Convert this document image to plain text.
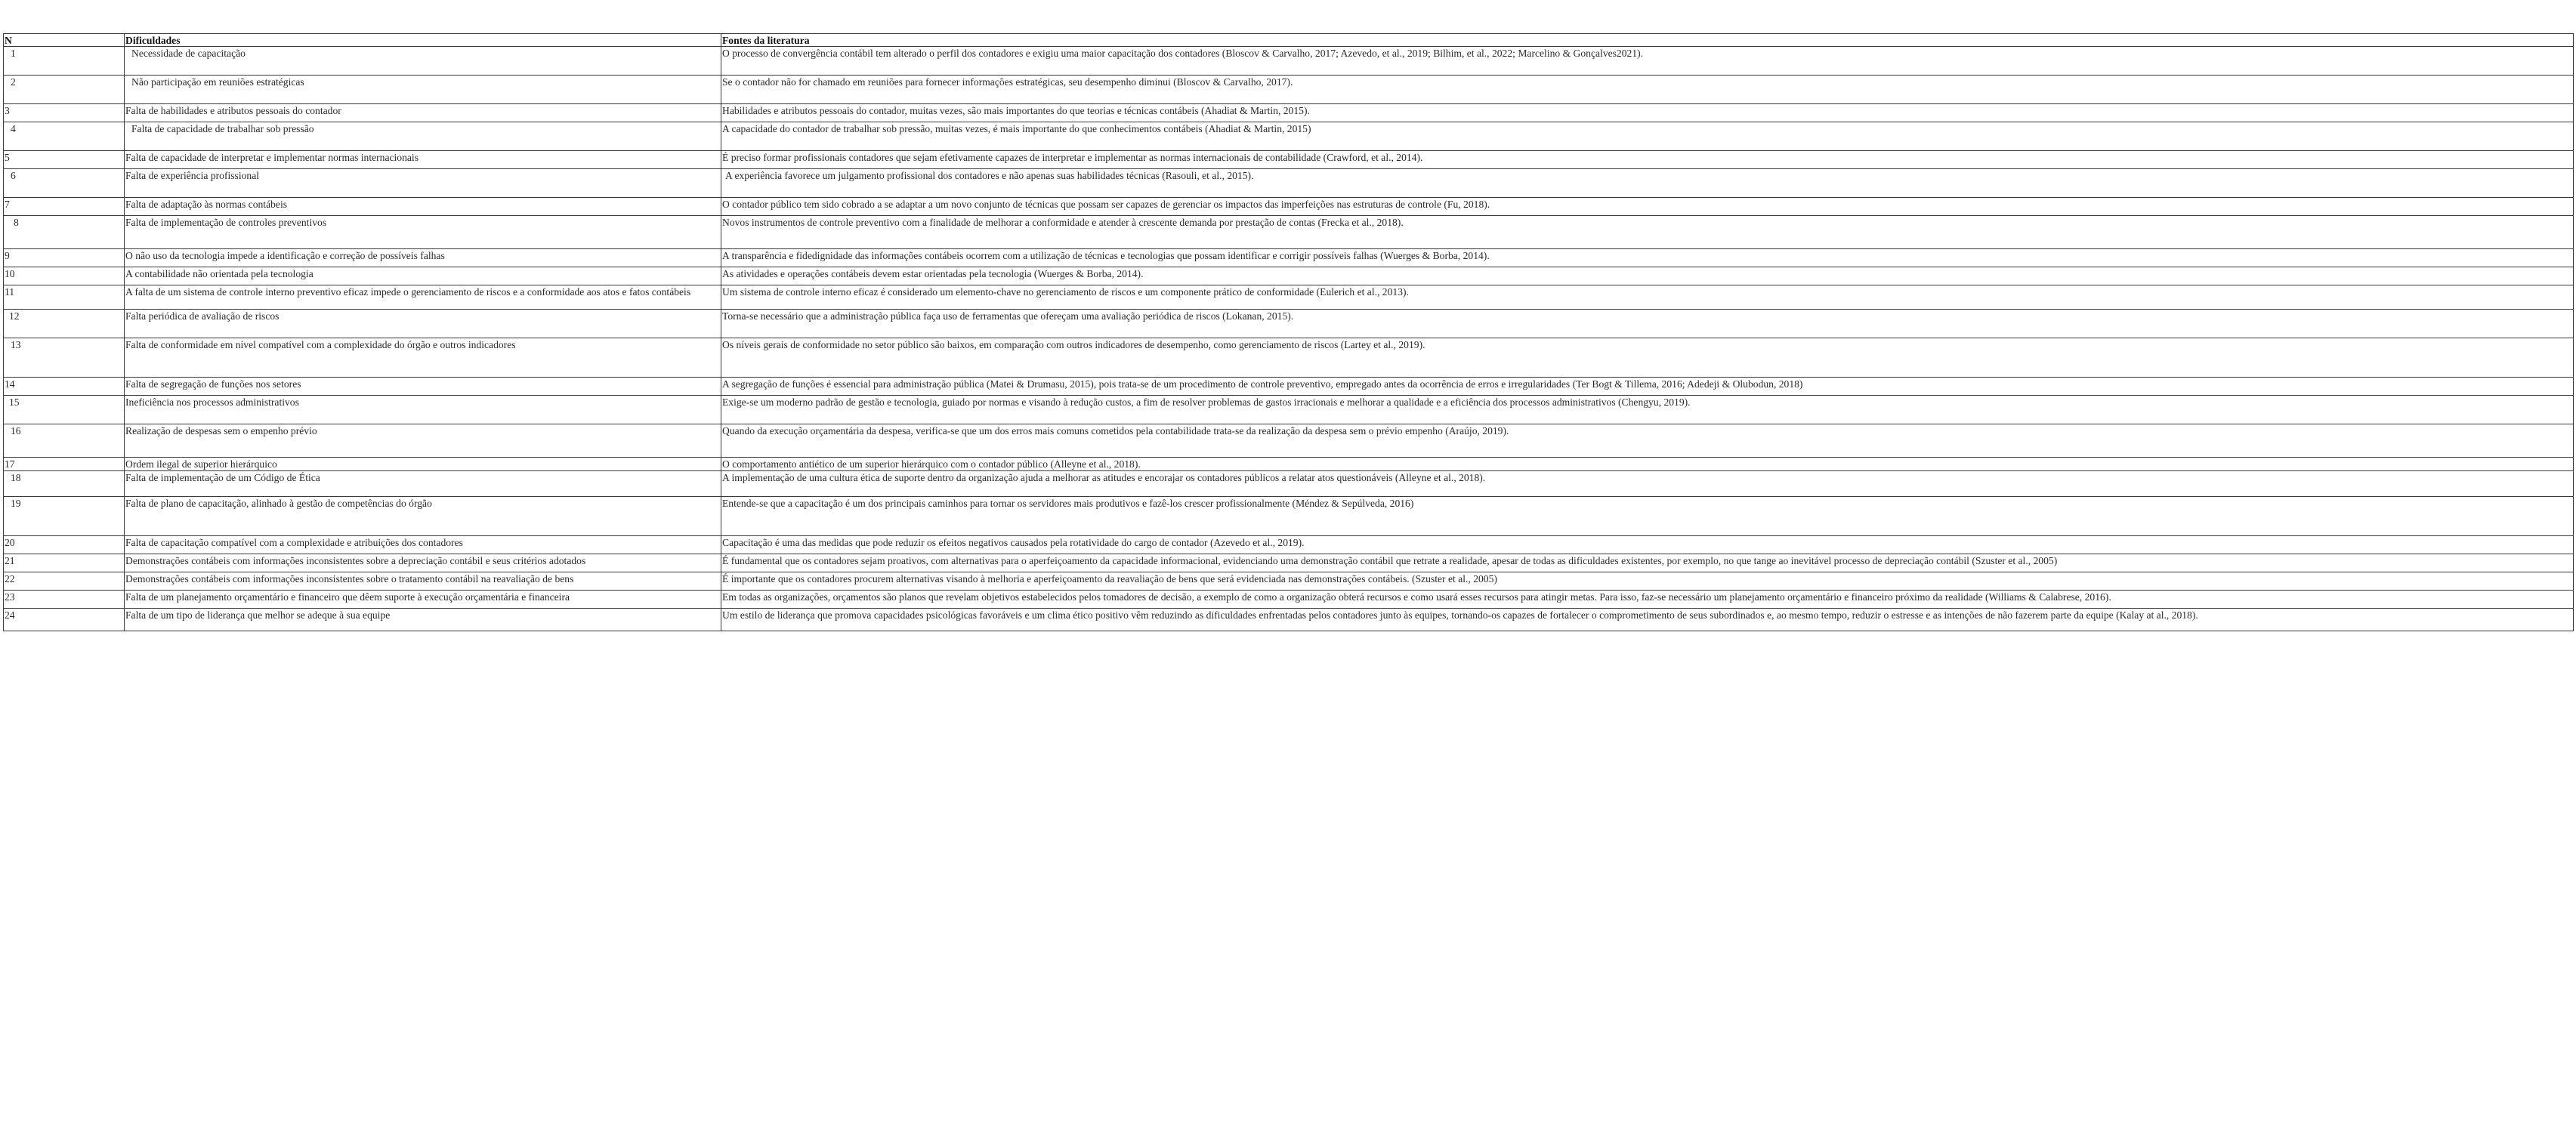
N	Dificuldades	Fontes da literatura
1	Necessidade de capacitação	O processo de convergência contábil tem alterado o perfil dos contadores e exigiu uma maior capacitação dos contadores (Bloscov & Carvalho, 2017; Azevedo, et al., 2019; Bilhim, et al., 2022; Marcelino & Gonçalves2021).
2	Não participação em reuniões estratégicas	Se o contador não for chamado em reuniões para fornecer informações estratégicas, seu desempenho diminui (Bloscov & Carvalho, 2017).
3	Falta de habilidades e atributos pessoais do contador	Habilidades e atributos pessoais do contador, muitas vezes, são mais importantes do que teorias e técnicas contábeis (Ahadiat & Martin, 2015).
4	Falta de capacidade de trabalhar sob pressão	A capacidade do contador de trabalhar sob pressão, muitas vezes, é mais importante do que conhecimentos contábeis (Ahadiat & Martin, 2015)
5	Falta de capacidade de interpretar e implementar normas internacionais	É preciso formar profissionais contadores que sejam efetivamente capazes de interpretar e implementar as normas internacionais de contabilidade (Crawford, et al., 2014).
6	Falta de experiência profissional	A experiência favorece um julgamento profissional dos contadores e não apenas suas habilidades técnicas (Rasouli, et al., 2015).
7	Falta de adaptação às normas contábeis	O contador público tem sido cobrado a se adaptar a um novo conjunto de técnicas que possam ser capazes de gerenciar os impactos das imperfeições nas estruturas de controle (Fu, 2018).
8	Falta de implementação de controles preventivos	Novos instrumentos de controle preventivo com a finalidade de melhorar a conformidade e atender à crescente demanda por prestação de contas (Frecka et al., 2018).
9	O não uso da tecnologia impede a identificação e correção de possíveis falhas	A transparência e fidedignidade das informações contábeis ocorrem com a utilização de técnicas e tecnologias que possam identificar e corrigir possíveis falhas (Wuerges & Borba, 2014).
10	A contabilidade não orientada pela tecnologia	As atividades e operações contábeis devem estar orientadas pela tecnologia (Wuerges & Borba, 2014).
11	A falta de um sistema de controle interno preventivo eficaz impede o gerenciamento de riscos e a conformidade aos atos e fatos contábeis	Um sistema de controle interno eficaz é considerado um elemento-chave no gerenciamento de riscos e um componente prático de conformidade (Eulerich et al., 2013).
12	Falta periódica de avaliação de riscos	Torna-se necessário que a administração pública faça uso de ferramentas que ofereçam uma avaliação periódica de riscos (Lokanan, 2015).
13	Falta de conformidade em nível compatível com a complexidade do órgão e outros indicadores	Os níveis gerais de conformidade no setor público são baixos, em comparação com outros indicadores de desempenho, como gerenciamento de riscos (Lartey et al., 2019).
14	Falta de segregação de funções nos setores	A segregação de funções é essencial para administração pública (Matei & Drumasu, 2015), pois trata-se de um procedimento de controle preventivo, empregado antes da ocorrência de erros e irregularidades (Ter Bogt & Tillema, 2016; Adedeji & Olubodun, 2018)
15	Ineficiência nos processos administrativos	Exige-se um moderno padrão de gestão e tecnologia, guiado por normas e visando à redução custos, a fim de resolver problemas de gastos irracionais e melhorar a qualidade e a eficiência dos processos administrativos (Chengyu, 2019).
16	Realização de despesas sem o empenho prévio	Quando da execução orçamentária da despesa, verifica-se que um dos erros mais comuns cometidos pela contabilidade trata-se da realização da despesa sem o prévio empenho (Araújo, 2019).
17	Ordem ilegal de superior hierárquico	O comportamento antiético de um superior hierárquico com o contador público (Alleyne et al., 2018).
18	Falta de implementação de um Código de Ética	A implementação de uma cultura ética de suporte dentro da organização ajuda a melhorar as atitudes e encorajar os contadores públicos a relatar atos questionáveis (Alleyne et al., 2018).
19	Falta de plano de capacitação, alinhado à gestão de competências do órgão	Entende-se que a capacitação é um dos principais caminhos para tornar os servidores mais produtivos e fazê-los crescer profissionalmente (Méndez & Sepúlveda, 2016)
20	Falta de capacitação compatível com a complexidade e atribuições dos contadores	Capacitação é uma das medidas que pode reduzir os efeitos negativos causados pela rotatividade do cargo de contador (Azevedo et al., 2019).
21	Demonstrações contábeis com informações inconsistentes sobre a depreciação contábil e seus critérios adotados	É fundamental que os contadores sejam proativos, com alternativas para o aperfeiçoamento da capacidade informacional, evidenciando uma demonstração contábil que retrate a realidade, apesar de todas as dificuldades existentes, por exemplo, no que tange ao inevitável processo de depreciação contábil (Szuster et al., 2005)
22	Demonstrações contábeis com informações inconsistentes sobre o tratamento contábil na reavaliação de bens	É importante que os contadores procurem alternativas visando à melhoria e aperfeiçoamento da reavaliação de bens que será evidenciada nas demonstrações contábeis. (Szuster et al., 2005)
23	Falta de um planejamento orçamentário e financeiro que dêem suporte à execução orçamentária e financeira	Em todas as organizações, orçamentos são planos que revelam objetivos estabelecidos pelos tomadores de decisão, a exemplo de como a organização obterá recursos e como usará esses recursos para atingir metas. Para isso, faz-se necessário um planejamento orçamentário e financeiro próximo da realidade (Williams & Calabrese, 2016).
24	Falta de um tipo de liderança que melhor se adeque à sua equipe	Um estilo de liderança que promova capacidades psicológicas favoráveis e um clima ético positivo vêm reduzindo as dificuldades enfrentadas pelos contadores junto às equipes, tornando-os capazes de fortalecer o comprometimento de seus subordinados e, ao mesmo tempo, reduzir o estresse e as intenções de não fazerem parte da equipe (Kalay at al., 2018).
